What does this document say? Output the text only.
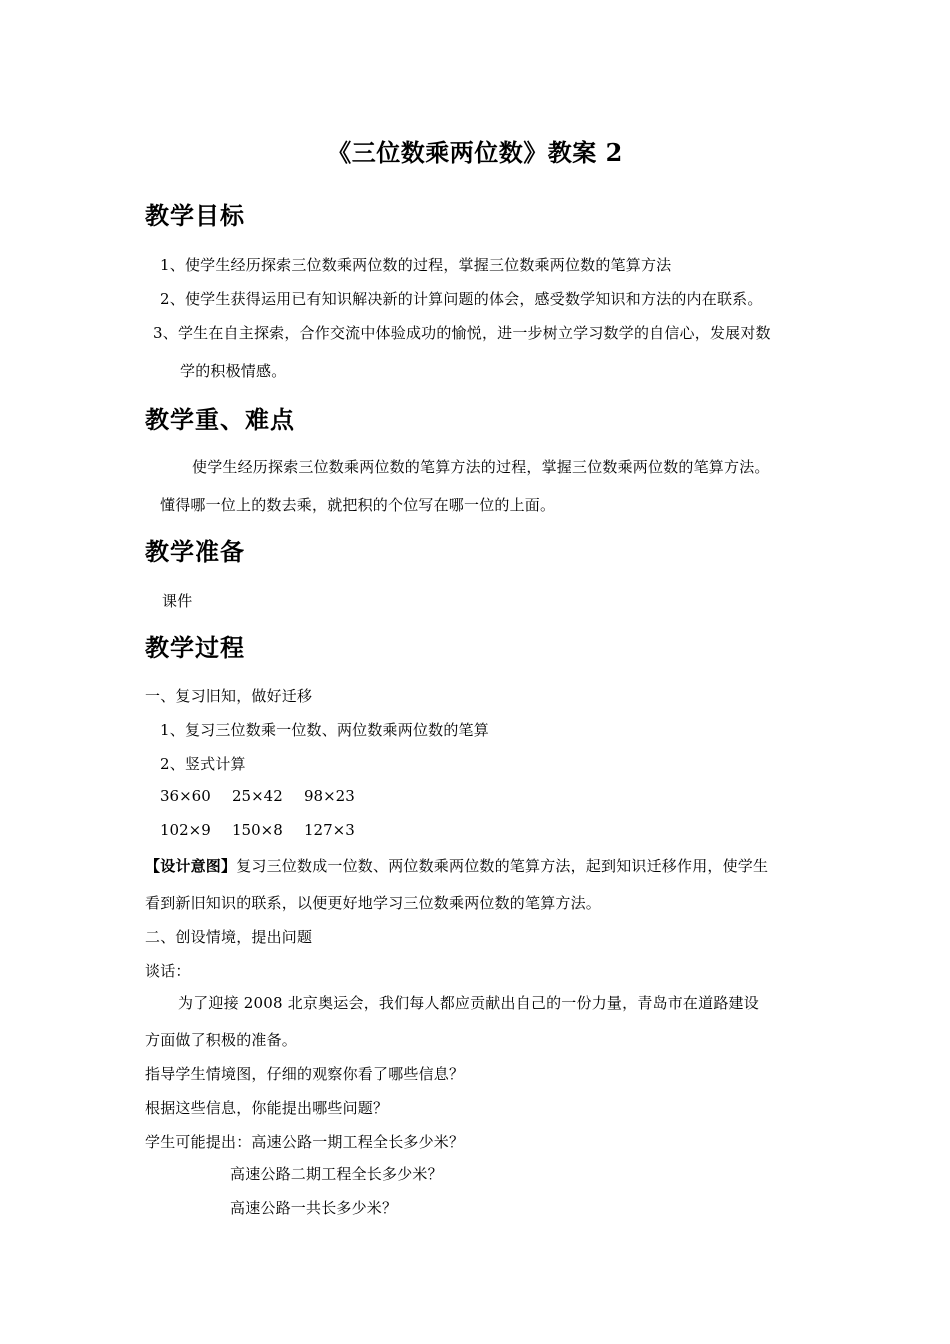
《三位数乘两位数》教案 2
教学目标
1、使学生经历探索三位数乘两位数的过程，掌握三位数乘两位数的笔算方法
2、使学生获得运用已有知识解决新的计算问题的体会，感受数学知识和方法的内在联系。
3、学生在自主探索，合作交流中体验成功的愉悦，进一步树立学习数学的自信心，发展对数
学的积极情感。
教学重、难点
使学生经历探索三位数乘两位数的笔算方法的过程，掌握三位数乘两位数的笔算方法。
懂得哪一位上的数去乘，就把积的个位写在哪一位的上面。
教学准备
课件
教学过程
一、复习旧知，做好迁移
1、复习三位数乘一位数、两位数乘两位数的笔算
2、竖式计算
36×60 25×42 98×23
102×9 150×8 127×3
【设计意图】复习三位数成一位数、两位数乘两位数的笔算方法，起到知识迁移作用，使学生
看到新旧知识的联系，以便更好地学习三位数乘两位数的笔算方法。
二、创设情境，提出问题
谈话：
为了迎接 2008 北京奥运会，我们每人都应贡献出自己的一份力量，青岛市在道路建设
方面做了积极的准备。
指导学生情境图，仔细的观察你看了哪些信息？
根据这些信息，你能提出哪些问题？
学生可能提出：高速公路一期工程全长多少米？
高速公路二期工程全长多少米？
高速公路一共长多少米？
